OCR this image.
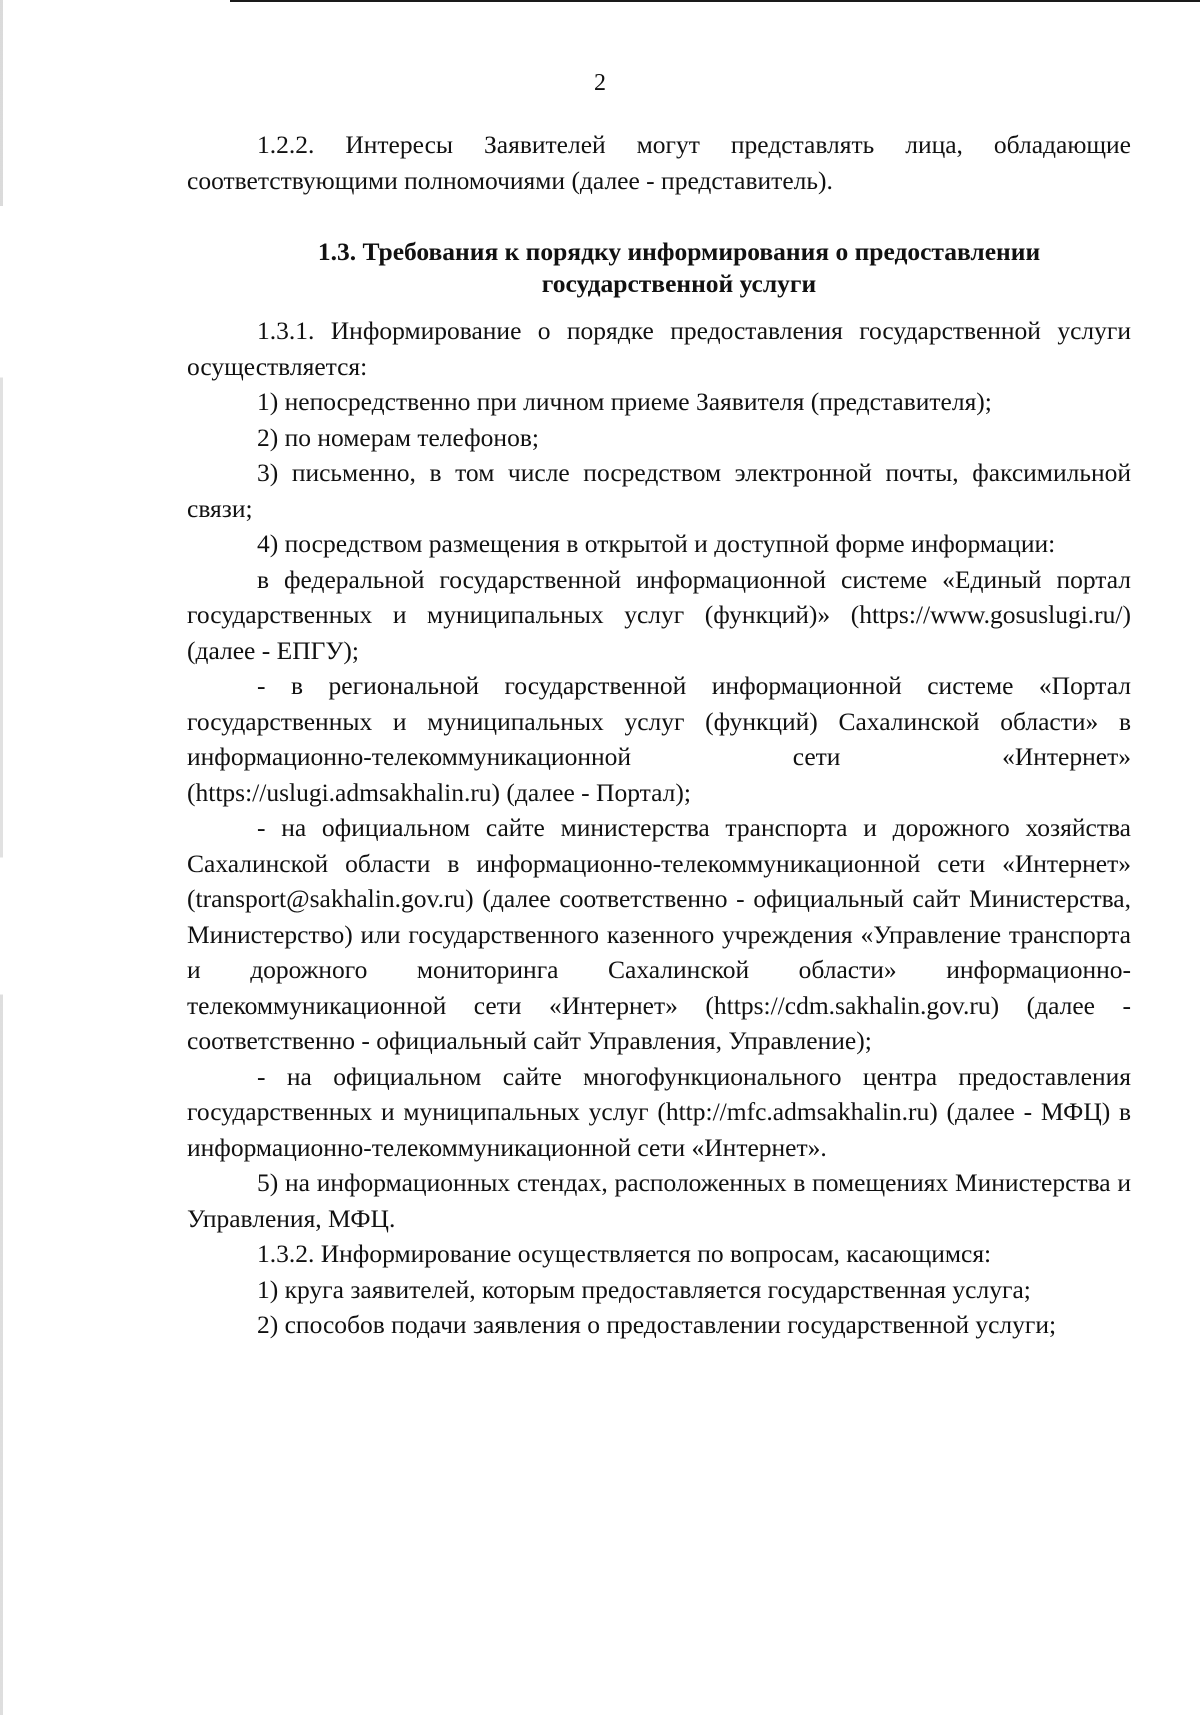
2

1.2.2. Интересы Заявителей могут представлять лица, обладающие соответствующими полномочиями (далее - представитель).

1.3. Требования к порядку информирования о предоставлении
государственной услуги
1.3.1. Информирование о порядке предоставления государственной услуги осуществляется:
1) непосредственно при личном приеме Заявителя (представителя);
2) по номерам телефонов;
3) письменно, в том числе посредством электронной почты, факсимильной связи;
4) посредством размещения в открытой и доступной форме информации:
в федеральной государственной информационной системе «Единый портал государственных и муниципальных услуг (функций)» (https://www.gosuslugi.ru/) (далее - ЕПГУ);
- в региональной государственной информационной системе «Портал государственных и муниципальных услуг (функций) Сахалинской области» в информационно-телекоммуникационной сети «Интернет» (https://uslugi.admsakhalin.ru) (далее - Портал);
- на официальном сайте министерства транспорта и дорожного хозяйства Сахалинской области в информационно-телекоммуникационной сети «Интернет» (transport@sakhalin.gov.ru) (далее соответственно - официальный сайт Министерства, Министерство) или государственного казенного учреждения «Управление транспорта и дорожного мониторинга Сахалинской области» информационно-телекоммуникационной сети «Интернет» (https://cdm.sakhalin.gov.ru) (далее - соответственно - официальный сайт Управления, Управление);
- на официальном сайте многофункционального центра предоставления государственных и муниципальных услуг (http://mfc.admsakhalin.ru) (далее - МФЦ) в информационно-телекоммуникационной сети «Интернет».
5) на информационных стендах, расположенных в помещениях Министерства и Управления, МФЦ.
1.3.2. Информирование осуществляется по вопросам, касающимся:
1) круга заявителей, которым предоставляется государственная услуга;
2) способов подачи заявления о предоставлении государственной услуги;
